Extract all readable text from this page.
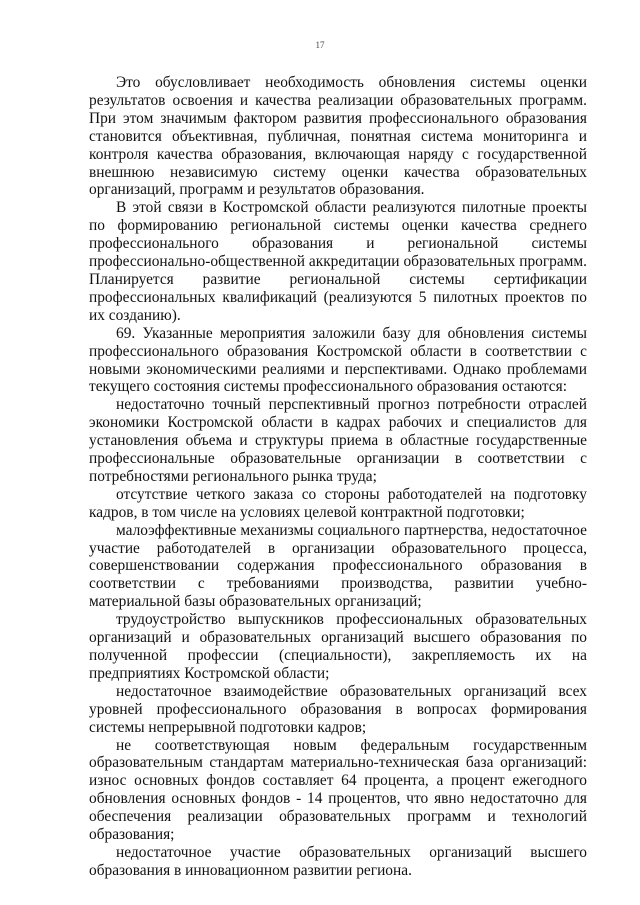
17

Это обусловливает необходимость обновления системы оценки результатов освоения и качества реализации образовательных программ. При этом значимым фактором развития профессионального образования становится объективная, публичная, понятная система мониторинга и контроля качества образования, включающая наряду с государственной внешнюю независимую систему оценки качества образовательных организаций, программ и результатов образования.

В этой связи в Костромской области реализуются пилотные проекты по формированию региональной системы оценки качества среднего профессионального образования и региональной системы профессионально-общественной аккредитации образовательных программ. Планируется развитие региональной системы сертификации профессиональных квалификаций (реализуются 5 пилотных проектов по их созданию).

69. Указанные мероприятия заложили базу для обновления системы профессионального образования Костромской области в соответствии с новыми экономическими реалиями и перспективами. Однако проблемами текущего состояния системы профессионального образования остаются:

недостаточно точный перспективный прогноз потребности отраслей экономики Костромской области в кадрах рабочих и специалистов для установления объема и структуры приема в областные государственные профессиональные образовательные организации в соответствии с потребностями регионального рынка труда;

отсутствие четкого заказа со стороны работодателей на подготовку кадров, в том числе на условиях целевой контрактной подготовки;

малоэффективные механизмы социального партнерства, недостаточное участие работодателей в организации образовательного процесса, совершенствовании содержания профессионального образования в соответствии с требованиями производства, развитии учебно-материальной базы образовательных организаций;

трудоустройство выпускников профессиональных образовательных организаций и образовательных организаций высшего образования по полученной профессии (специальности), закрепляемость их на предприятиях Костромской области;

недостаточное взаимодействие образовательных организаций всех уровней профессионального образования в вопросах формирования системы непрерывной подготовки кадров;

не соответствующая новым федеральным государственным образовательным стандартам материально-техническая база организаций: износ основных фондов составляет 64 процента, а процент ежегодного обновления основных фондов - 14 процентов, что явно недостаточно для обеспечения реализации образовательных программ и технологий образования;

недостаточное участие образовательных организаций высшего образования в инновационном развитии региона.
